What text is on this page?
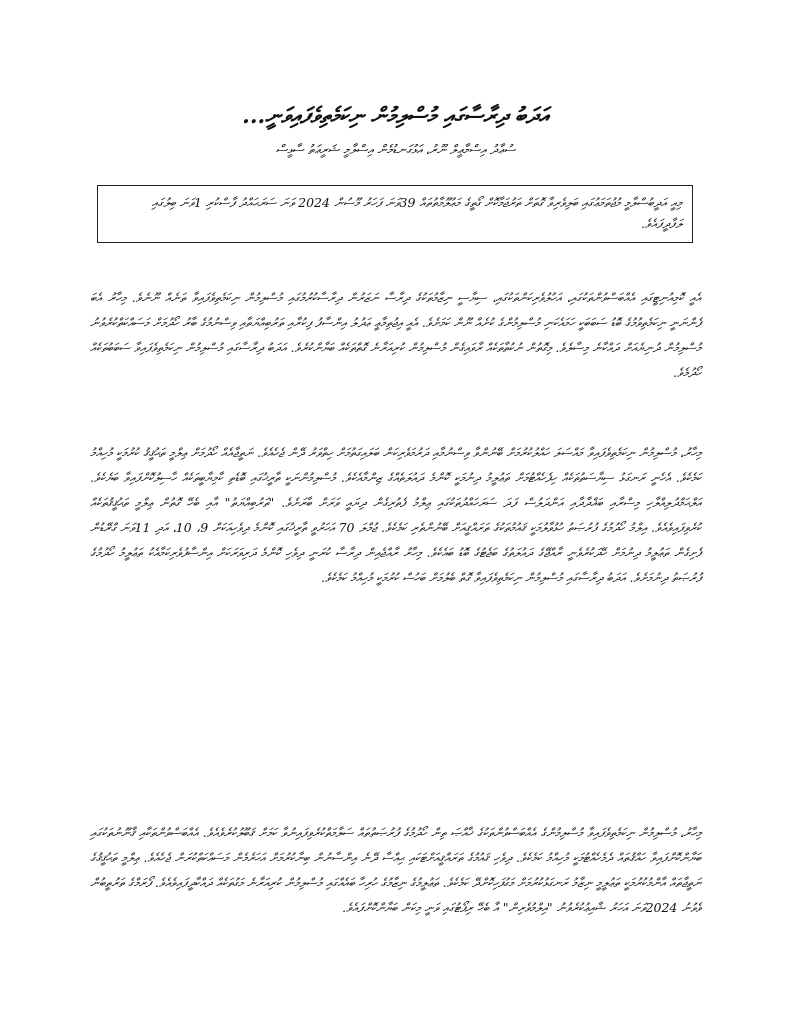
އަދަބު ދިރާސާގައި މުސްލިމުން ނިކަމެތިވެފައިވަނީ...
ސުޢާދު އިސްމާޢީލް ނޫރު، އަޅުގަނޑުމެން އިސްލާމީ ޝަރީޢަތު ސާޅީސް
މިއީ އަދީބުސްލާމީ މުޖުތަމަޢުގައި ބަލިވެރިވާ ގޮތަށް ތަރުޖަމާކޮށް ގޯތީގެ މަޢުލޫމާތުތައް 39ވަނަ ފަހަރު މޫސުން 2024 ވަނަ ސަރަޙައްދު ފާސްކުރި 1ވަނަ ބިލުގައި ލަފާދީފައެވެ.

އެއީ ކޮމިއުނިޓީގައި އެއްބަސްވުންތަކުގައި، އަހުލުވެރިކަންތަކުގައި، ސިޔާސީ ނިޒާމުތަކުގެ ދިރާސާ ނަޒަރުން ދިރާސާކުރުމުގައި މުސްލިމުން ނިކަމެތިވެފައިވާ ތަނެއް ނޫނެވެ. މިހާރު އެބަ ފެންނަނީ ނިކަމެތިވުމުގެ ބޮޑު ސަބަބަކީ ހަމައެކަނި މުސްލިމުންގެ ކުށެއް ނޫން ކަމަށެވެ. އެއީ އިޖުތިމާޢީ ޢަދުލު އިންސާފު ފިކުރާއި ތަރުބިއްޔަތާއި ވިސްނުމުގެ ބާރު ހޯދުމަށް މަސައްކަތްކުރެވުނު މުސްލިމުން ދުނިޔެއަށް ދައްކާނެ މިސާލެވެ. މިގޮތުން ނުކުތާތަކެއް ރާވައިގެން މުސްލިމުން ކުރިއަރާނެ ގޮތްތަކެއް ބަޔާންކުރެވެ. އަދަބު ދިރާސާގައި މުސްލިމުން ނިކަމެތިވެފައިވާ ސަބަބުތަކެއް ހޯދުމެވެ.

މިހާރު، މުސްލިމުން ނިކަމެތިވެފައިވާ މައްސަލަ ހައްލުކުރުމަށް ބޭނުންވާ ވިސްނުމާއި ދަރުމަވެރިކަން ބަލައިގަތުމަށް ހިތްވަރު ދޭން ޖެހެއެވެ. ނަތީޖާއެއް ހޯދުމަށް ޢިލްމީ ތަޙުޤީޤު ކުރުމަކީ މުހިއްމު ކަމެކެވެ. އެހެނީ ރަނގަޅު ސިޔާސަތުތަކެއް ހިފެހެއްޓުމަށް ތަޢުލީމު ދިނުމަކީ ކޮންމެ ދައުލަތެއްގެ ޒިންމާއެކެވެ. މުސްލިމުންނަކީ ތާރީޚުގައި ބޮޑެތި ކާމިޔާބީތަކެއް ހާސިލުކޮށްފައިވާ ބަޔެކެވެ. އަލްޙަމްދުލިއްލާހި މިސްރާއި ބަޣްދާދާއި އަންދަލުސް ފަދަ ސަރަހައްދުތަކުގައި ޢިލްމު ފެތުރިގެން ދިޔައީ ވަރަށް ބާރަށެވެ. "ތަރުބިއްޔަތު" އާއި ބެހޭ ގޮތުން ޢިލްމީ ތަޙުޤީޤުތަކެއް ކުރެވިފައިވެއެވެ. އިލްމު ހޯދުމުގެ ފުރުޞަތު ހުޅުވާލުމަކީ ޤައުމުތަކުގެ ތަރައްޤީއަށް ބޭނުންތެރި ކަމެކެވެ. ޖުމްލަ 70 އަހަރުވީ ތާރީޚުގައި ކޮންމެ ދިވެހިއަކަށް 9، 10، އަދި 11ވަނަ ގްރޭޑުން ފެށިގެން ތަޢުލީމު ދިނުމަށް ހޭދަކުރެވެނީ ރާއްޖޭގެ ދައުލަތުގެ ބަޖެޓުގެ ބޮޑު ބައެކެވެ. މިހާރު ރާއްޖެއިން ދިރާސާ ކުރަނީ ދިވެހި ކޮންމެ ދަރިވަރަކަށް އިންސާފުވެރިކަމާއެކު ތަޢުލީމު ހޯދުމުގެ ފުރުޞަތު ދިނުމަށެވެ. އަދަބު ދިރާސާގައި މުސްލިމުން ނިކަމެތިވެފައިވާ ގޮތް ބެލުމަށް ބަހުސް ކުރުމަކީ މުހިއްމު ކަމެކެވެ.

މިހާރު، މުސްލިމުން ނިކަމެތިވެފައިވާ މުސްލިމުންގެ އެއްބަސްވުންތަކުގެ ޚާއްޞަ ތިން ހޯދުމުގެ ފުރުޞަތުތައް ސަލާމަތްކުރެވިފައިނުވާ ކަމަށް ޤަބޫލުކުރެވެއެވެ. އެއްބަސްވުންތަކާއި ޤާނޫނުތަކުގައި ބަޔާންކޮށްފައިވާ ހައްޤުތައް ދެމެހެއްޓުމަކީ މުހިއްމު ކަމެކެވެ. ދިވެހި ޤައުމުގެ ތަރައްޤީއަށްޓަކައި ޙިއްސާ ދޭނެ އިންސާނުން ބިނާކުރުމަށް އަހަރެމެން މަސައްކަތްކުރަން ޖެހެއެވެ. ޢިލްމީ ތަޙުޤީޤުގެ ނަތީޖާތައް އާންމުކުރުމަކީ ތަޢުލީމީ ނިޒާމު ރަނގަޅުކުރުމަށް މަގުފަހިކޮށްދޭ ކަމެކެވެ. ތަޢުލީމުގެ ނިޒާމުގެ ހުރިހާ ބައެއްގައި މުސްލިމުން ކުރިއަރާނެ މަގުތަކެއް ދައްކާދީފައިވެއެވެ. ފޯރަމްގެ ތަރުތީބުން ވެވުނު 2024ވަނަ އަހަރު ޝާއިޢުކުރެވުނު "އިލްމުވެރިން" އާ ބެހޭ ރިޕޯޓުގައި ވަނީ މިކަން ބަޔާންކޮށްފައެވެ.
